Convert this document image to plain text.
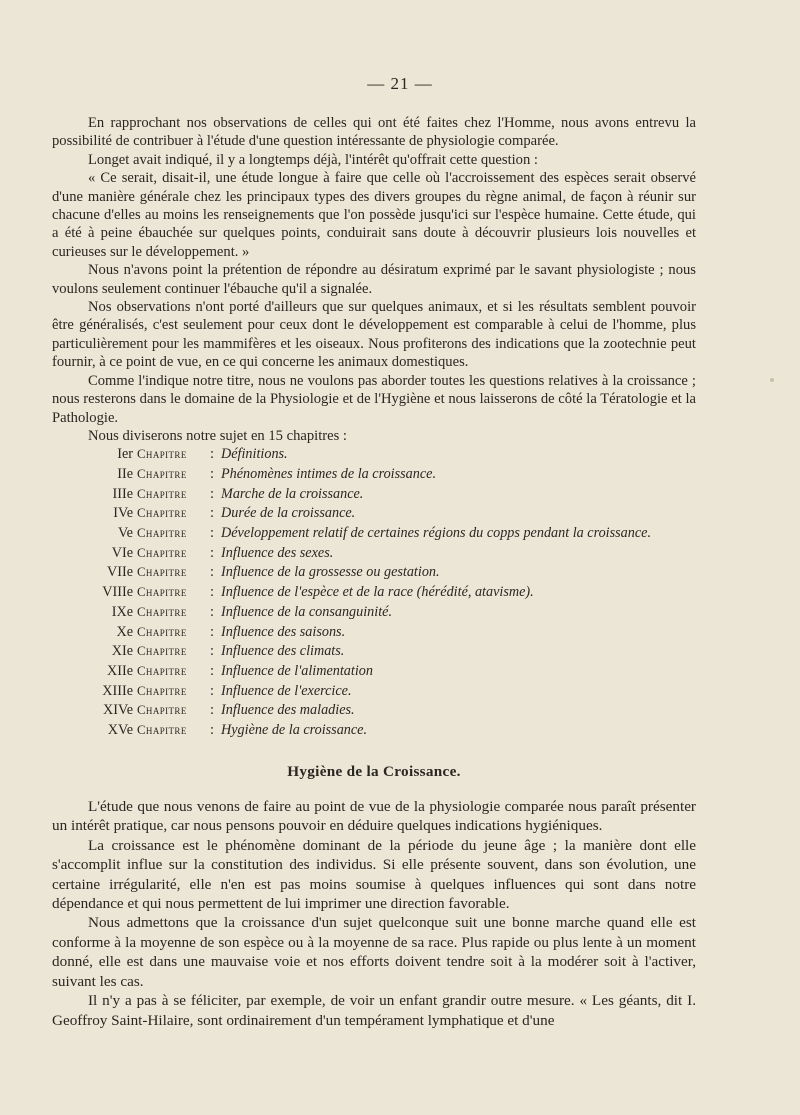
— 21 —

En rapprochant nos observations de celles qui ont été faites chez l'Homme, nous avons entrevu la possibilité de contribuer à l'étude d'une question intéressante de physiologie comparée.

Longet avait indiqué, il y a longtemps déjà, l'intérêt qu'offrait cette question :

« Ce serait, disait-il, une étude longue à faire que celle où l'accroissement des espèces serait observé d'une manière générale chez les principaux types des divers groupes du règne animal, de façon à réunir sur chacune d'elles au moins les renseignements que l'on possède jusqu'ici sur l'espèce humaine. Cette étude, qui a été à peine ébauchée sur quelques points, conduirait sans doute à découvrir plusieurs lois nouvelles et curieuses sur le développement. »

Nous n'avons point la prétention de répondre au désiratum exprimé par le savant physiologiste ; nous voulons seulement continuer l'ébauche qu'il a signalée.

Nos observations n'ont porté d'ailleurs que sur quelques animaux, et si les résultats semblent pouvoir être généralisés, c'est seulement pour ceux dont le développement est comparable à celui de l'homme, plus particulièrement pour les mammifères et les oiseaux. Nous profiterons des indications que la zootechnie peut fournir, à ce point de vue, en ce qui concerne les animaux domestiques.

Comme l'indique notre titre, nous ne voulons pas aborder toutes les questions relatives à la croissance ; nous resterons dans le domaine de la Physiologie et de l'Hygiène et nous laisserons de côté la Tératologie et la Pathologie.

Nous diviserons notre sujet en 15 chapitres :

Ier Chapitre	: Définitions.
IIe Chapitre	: Phénomènes intimes de la croissance.
IIIe Chapitre	: Marche de la croissance.
IVe Chapitre	: Durée de la croissance.
Ve Chapitre	: Développement relatif de certaines régions du copps pendant la croissance.
VIe Chapitre	: Influence des sexes.
VIIe Chapitre	: Influence de la grossesse ou gestation.
VIIIe Chapitre	: Influence de l'espèce et de la race (hérédité, atavisme).
IXe Chapitre	: Influence de la consanguinité.
Xe Chapitre	: Influence des saisons.
XIe Chapitre	: Influence des climats.
XIIe Chapitre	: Influence de l'alimentation
XIIIe Chapitre	: Influence de l'exercice.
XIVe Chapitre	: Influence des maladies.
XVe Chapitre	: Hygiène de la croissance.
Hygiène de la Croissance.

L'étude que nous venons de faire au point de vue de la physiologie comparée nous paraît présenter un intérêt pratique, car nous pensons pouvoir en déduire quelques indications hygiéniques.

La croissance est le phénomène dominant de la période du jeune âge ; la manière dont elle s'accomplit influe sur la constitution des individus. Si elle présente souvent, dans son évolution, une certaine irrégularité, elle n'en est pas moins soumise à quelques influences qui sont dans notre dépendance et qui nous permettent de lui imprimer une direction favorable.

Nous admettons que la croissance d'un sujet quelconque suit une bonne marche quand elle est conforme à la moyenne de son espèce ou à la moyenne de sa race. Plus rapide ou plus lente à un moment donné, elle est dans une mauvaise voie et nos efforts doivent tendre soit à la modérer soit à l'activer, suivant les cas.

Il n'y a pas à se féliciter, par exemple, de voir un enfant grandir outre mesure. « Les géants, dit I. Geoffroy Saint-Hilaire, sont ordinairement d'un tempérament lymphatique et d'une
